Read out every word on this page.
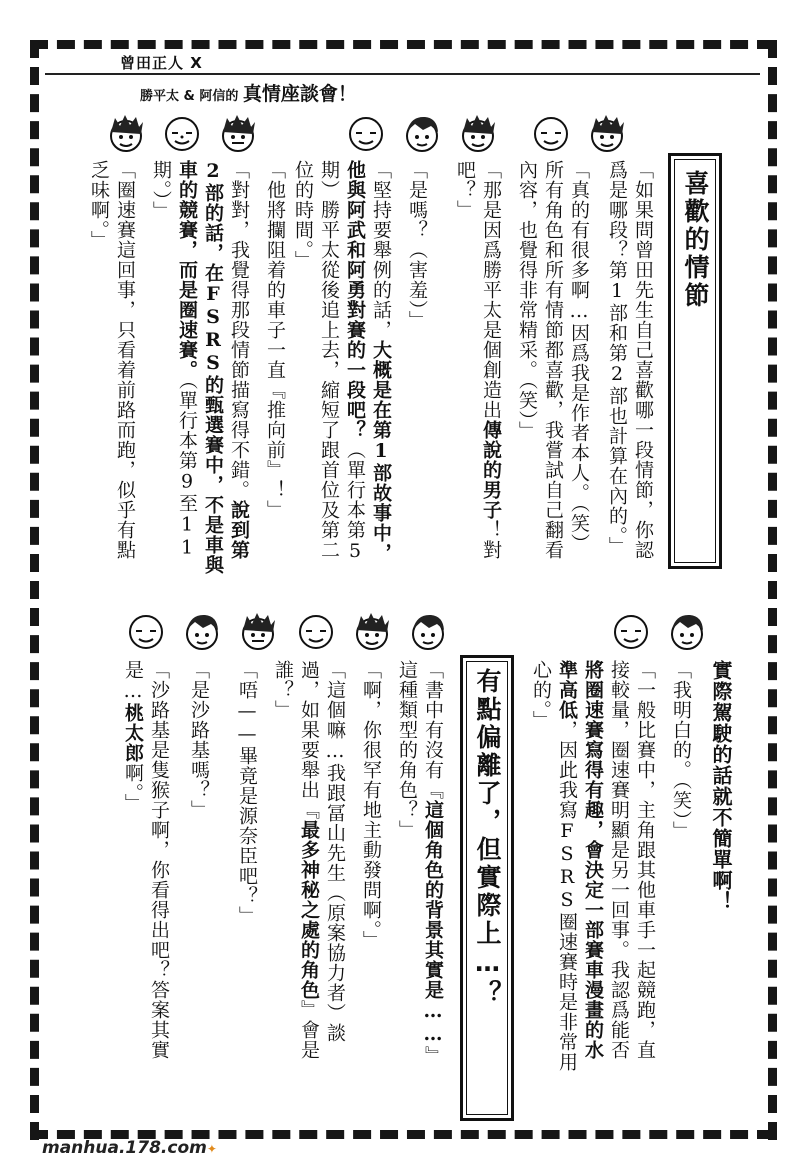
曾田正人 X
勝平太 & 阿信的 真情座談會！
喜歡的情節
「如果問曾田先生自己喜歡哪一段情節，你認
爲是哪段？第1部和第2部也計算在內的。」
「真的有很多啊…因爲我是作者本人。（笑）
所有角色和所有情節都喜歡，我嘗試自己翻看
內容，也覺得非常精采。（笑）」
「那是因爲勝平太是個創造出傳說的男子！對
吧？」
「是嗎？（害羞）」
「堅持要舉例的話，大概是在第1部故事中，
他與阿武和阿勇對賽的一段吧？（單行本第5
期）勝平太從後追上去，縮短了跟首位及第二
位的時間。」
「他將攔阻着的車子一直『推向前』！」
「對對，我覺得那段情節描寫得不錯。說到第
2部的話，在FSRS的甄選賽中，不是車與
車的競賽，而是圈速賽。（單行本第9至11
期。）」
「圈速賽這回事，只看着前路而跑，似乎有點
乏味啊。」
實際駕駛的話就不簡單啊！
「我明白的。（笑）」
「一般比賽中，主角跟其他車手一起競跑，直
接較量，圈速賽明顯是另一回事。我認爲能否
將圈速賽寫得有趣，會決定一部賽車漫畫的水
準高低，因此我寫FSRS圈速賽時是非常用
心的。」
有點偏離了，但實際上…？
「書中有沒有『這個角色的背景其實是……』
這種類型的角色？」
「啊，你很罕有地主動發問啊。」
「這個嘛…我跟冨山先生（原案協力者）談
過，如果要舉出『最多神秘之處的角色』會是
誰？」
「唔——畢竟是源奈臣吧？」
「是沙路基嗎？」
「沙路基是隻猴子啊，你看得出吧？答案其實
是…桃太郎啊。」
manhua.178.com✦
